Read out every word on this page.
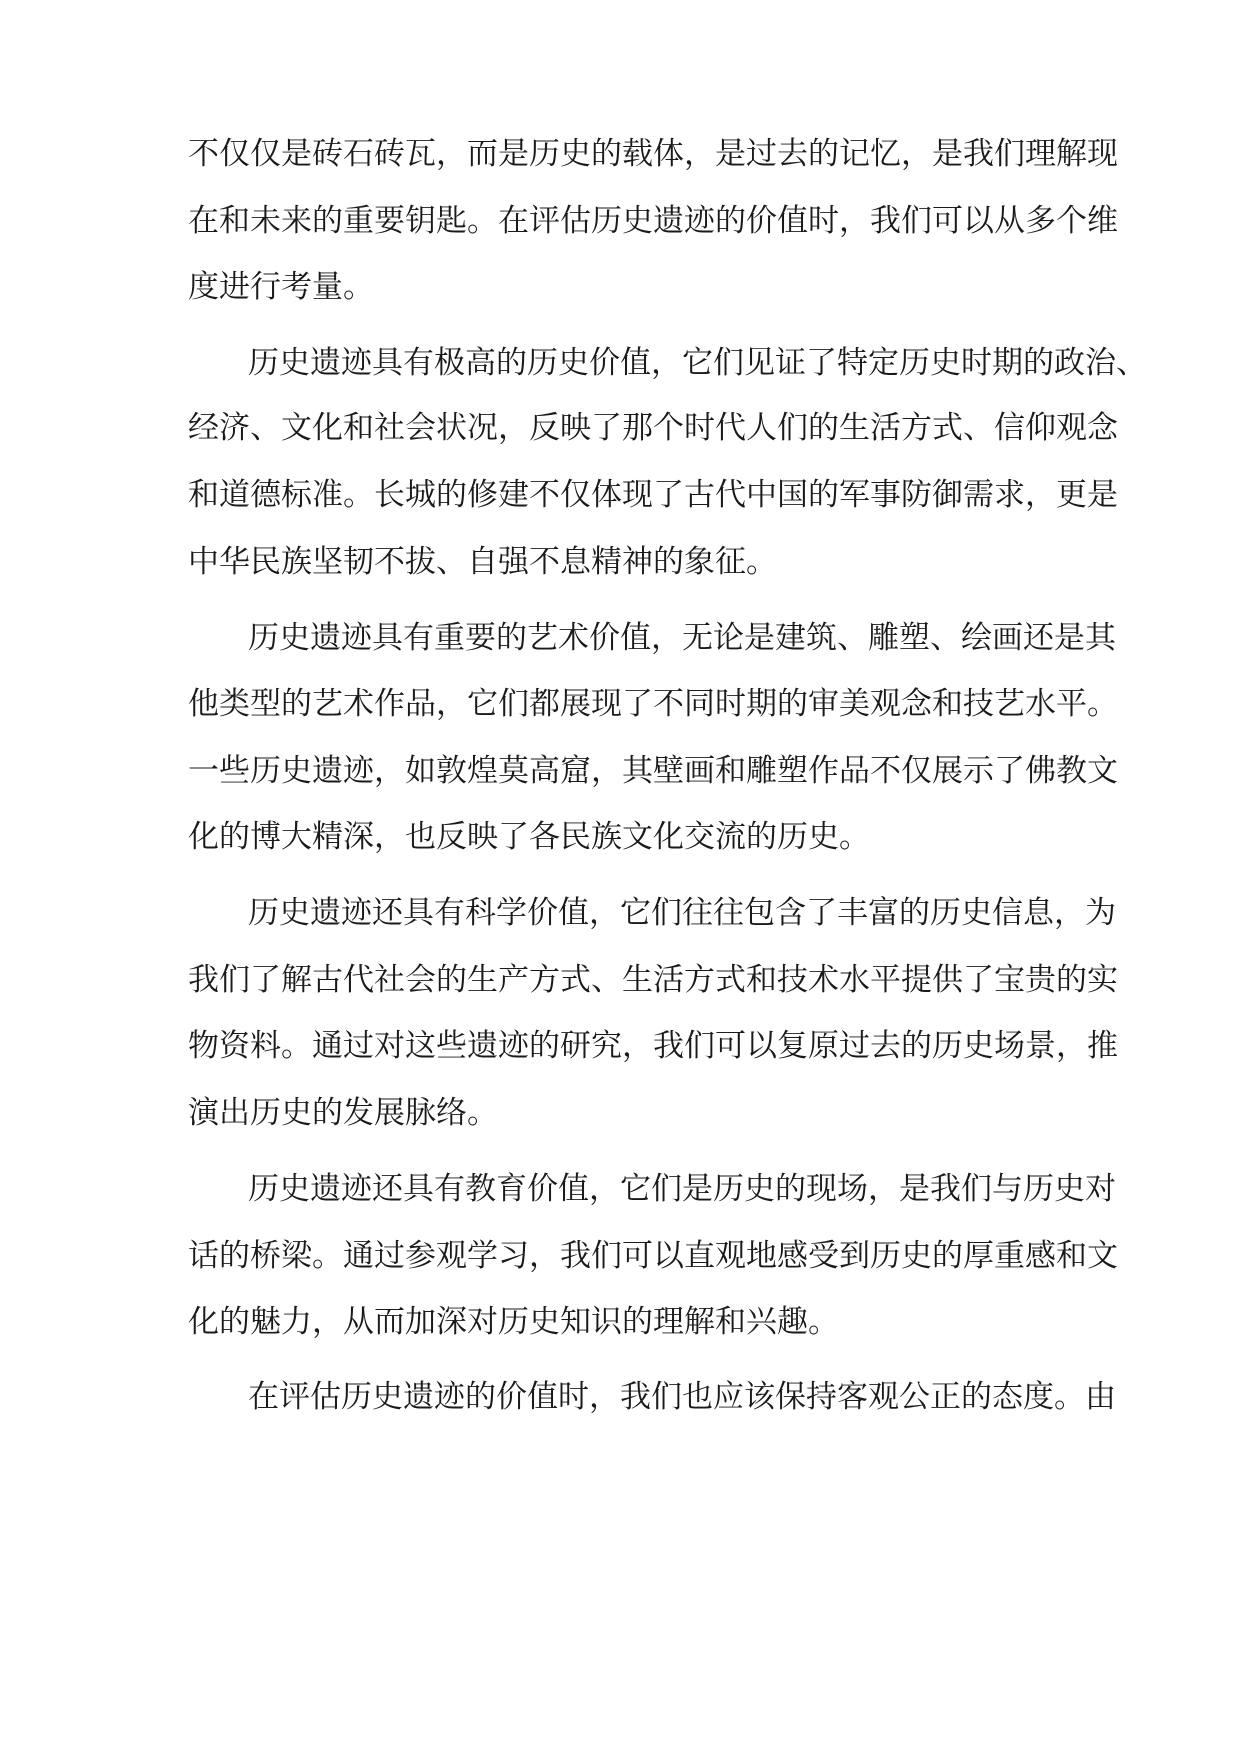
不仅仅是砖石砖瓦，而是历史的载体，是过去的记忆，是我们理解现

在和未来的重要钥匙。在评估历史遗迹的价值时，我们可以从多个维

度进行考量。

历史遗迹具有极高的历史价值，它们见证了特定历史时期的政治、

经济、文化和社会状况，反映了那个时代人们的生活方式、信仰观念

和道德标准。长城的修建不仅体现了古代中国的军事防御需求，更是

中华民族坚韧不拔、自强不息精神的象征。

历史遗迹具有重要的艺术价值，无论是建筑、雕塑、绘画还是其

他类型的艺术作品，它们都展现了不同时期的审美观念和技艺水平。

一些历史遗迹，如敦煌莫高窟，其壁画和雕塑作品不仅展示了佛教文

化的博大精深，也反映了各民族文化交流的历史。

历史遗迹还具有科学价值，它们往往包含了丰富的历史信息，为

我们了解古代社会的生产方式、生活方式和技术水平提供了宝贵的实

物资料。通过对这些遗迹的研究，我们可以复原过去的历史场景，推

演出历史的发展脉络。

历史遗迹还具有教育价值，它们是历史的现场，是我们与历史对

话的桥梁。通过参观学习，我们可以直观地感受到历史的厚重感和文

化的魅力，从而加深对历史知识的理解和兴趣。

在评估历史遗迹的价值时，我们也应该保持客观公正的态度。由
